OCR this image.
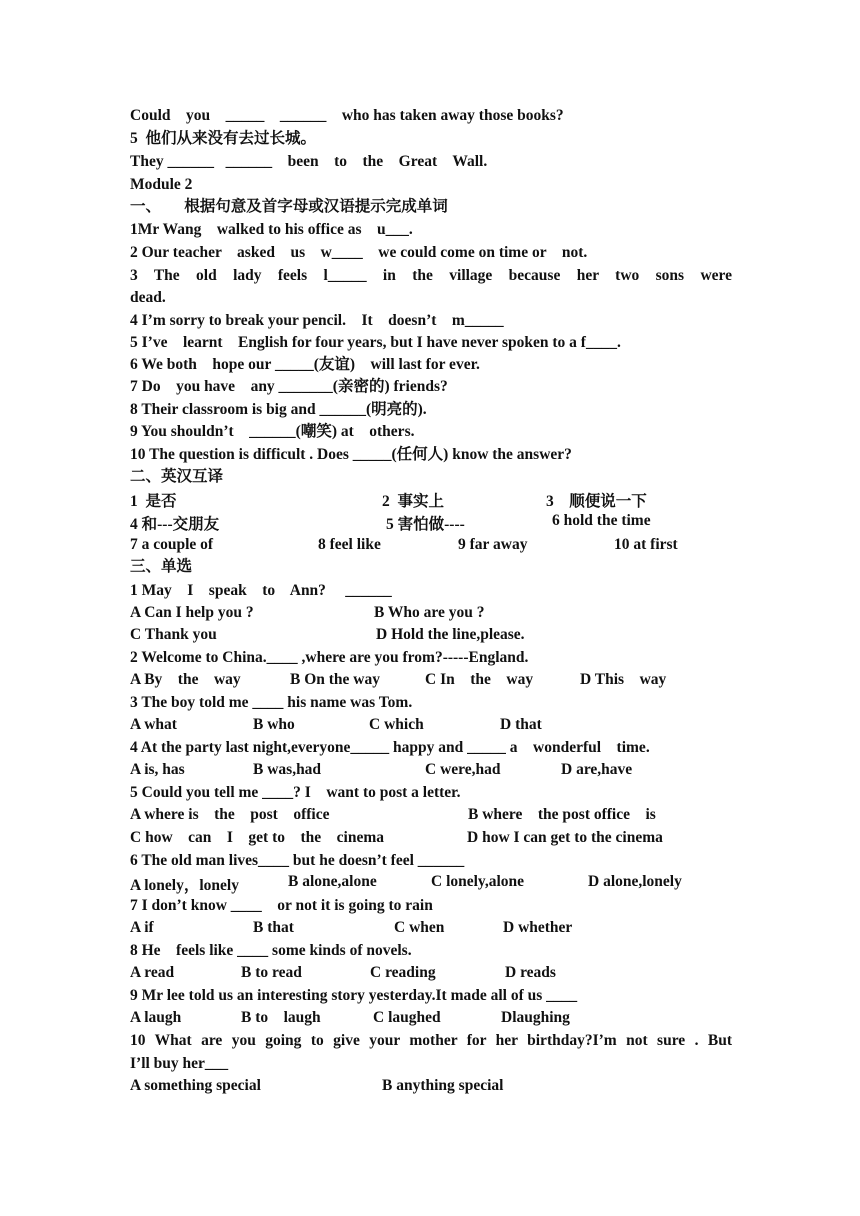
Could    you    _____    ______    who has taken away those books?
5  他们从来没有去过长城。
They ______   ______    been    to    the    Great    Wall.
Module 2
一、      根据句意及首字母或汉语提示完成单词
1Mr Wang    walked to his office as    u___.
2 Our teacher    asked    us    w____    we could come on time or    not.
3 The old lady feels l_____ in the village because her two sons were
dead.
4 I’m sorry to break your pencil.    It    doesn’t    m_____
5 I’ve    learnt    English for four years, but I have never spoken to a f____.
6 We both    hope our _____(友谊)    will last for ever.
7 Do    you have    any _______(亲密的) friends?
8 Their classroom is big and ______(明亮的).
9 You shouldn’t    ______(嘲笑) at    others.
10 The question is difficult . Does _____(任何人) know the answer?
二、英汉互译
1  是否	2  事实上	3    顺便说一下
4 和---交朋友	5 害怕做----	6 hold the time
7 a couple of	8 feel like	9 far away	10 at first
三、单选
1 May    I    speak    to    Ann?     ______
A Can I help you ?	B Who are you ?
C Thank you	D Hold the line,please.
2 Welcome to China.____ ,where are you from?-----England.
A By    the    way	B On the way	C In    the    way	D This    way
3 The boy told me ____ his name was Tom.
A what	B who	C which	D that
4 At the party last night,everyone_____ happy and _____ a    wonderful    time.
A is, has	B was,had	C were,had	D are,have
5 Could you tell me ____? I    want to post a letter.
A where is    the    post    office	B where    the post office    is
C how    can    I    get to    the    cinema	D how I can get to the cinema
6 The old man lives____ but he doesn’t feel ______
A lonely，lonely	B alone,alone	C lonely,alone	D alone,lonely
7 I don’t know ____    or not it is going to rain
A if	B that	C when	D whether
8 He    feels like ____ some kinds of novels.
A read	B to read	C reading	D reads
9 Mr lee told us an interesting story yesterday.It made all of us ____
A laugh	B to    laugh	C laughed	Dlaughing
10 What are you going to give your mother for her birthday?I’m not sure . But
I’ll buy her___
A something special	B anything special
